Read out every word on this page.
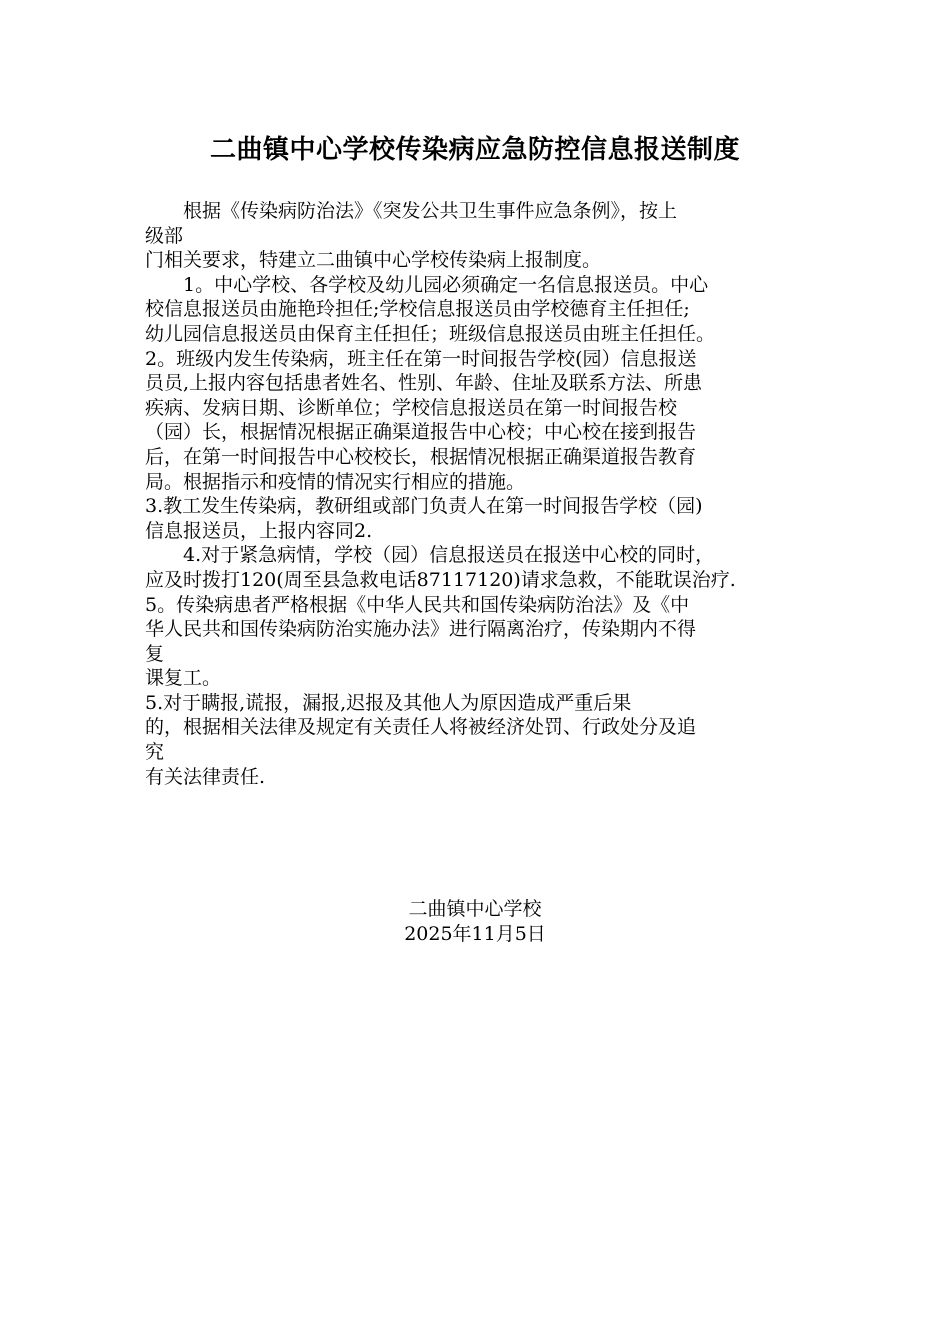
二曲镇中心学校传染病应急防控信息报送制度
　　根据《传染病防治法》《突发公共卫生事件应急条例》，按上
级部
门相关要求，特建立二曲镇中心学校传染病上报制度。
　　1。中心学校、各学校及幼儿园必须确定一名信息报送员。中心
校信息报送员由施艳玲担任;学校信息报送员由学校德育主任担任;
幼儿园信息报送员由保育主任担任；班级信息报送员由班主任担任。
2。班级内发生传染病，班主任在第一时间报告学校(园）信息报送
员员,上报内容包括患者姓名、性别、年龄、住址及联系方法、所患
疾病、发病日期、诊断单位；学校信息报送员在第一时间报告校
（园）长，根据情况根据正确渠道报告中心校；中心校在接到报告
后，在第一时间报告中心校校长，根据情况根据正确渠道报告教育
局。根据指示和疫情的情况实行相应的措施。
3.教工发生传染病，教研组或部门负责人在第一时间报告学校（园)
信息报送员，上报内容同2.
　　4.对于紧急病情，学校（园）信息报送员在报送中心校的同时，
应及时拨打120(周至县急救电话87117120)请求急救，不能耽误治疗.
5。传染病患者严格根据《中华人民共和国传染病防治法》及《中
华人民共和国传染病防治实施办法》进行隔离治疗，传染期内不得
复
课复工。
5.对于瞒报,谎报，漏报,迟报及其他人为原因造成严重后果
的，根据相关法律及规定有关责任人将被经济处罚、行政处分及追
究
有关法律责任.
二曲镇中心学校
2025年11月5日
